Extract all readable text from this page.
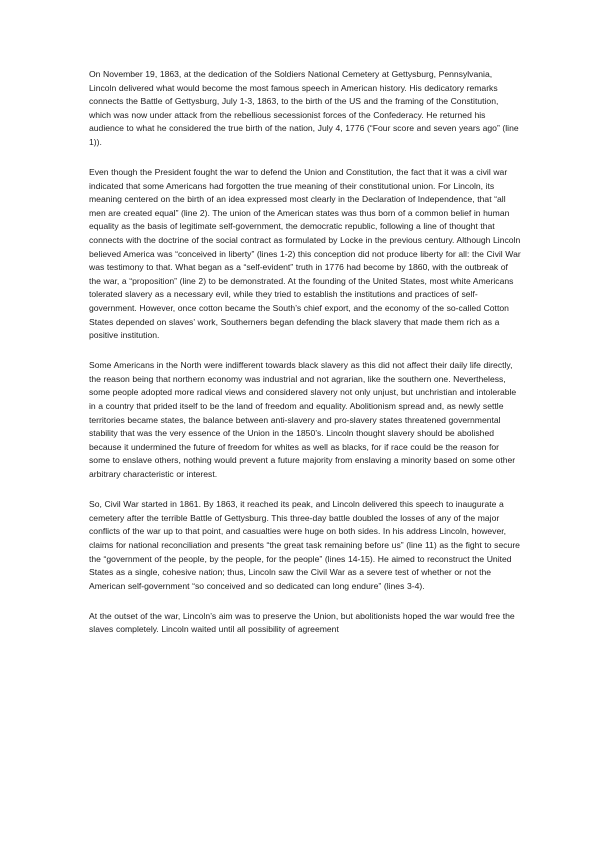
On November 19, 1863, at the dedication of the Soldiers National Cemetery at Gettysburg, Pennsylvania, Lincoln delivered what would become the most famous speech in American history. His dedicatory remarks connects the Battle of Gettysburg, July 1-3, 1863, to the birth of the US and the framing of the Constitution, which was now under attack from the rebellious secessionist forces of the Confederacy. He returned his audience to what he considered the true birth of the nation, July 4, 1776 (“Four score and seven years ago” (line 1)).

Even though the President fought the war to defend the Union and Constitution, the fact that it was a civil war indicated that some Americans had forgotten the true meaning of their constitutional union. For Lincoln, its meaning centered on the birth of an idea expressed most clearly in the Declaration of Independence, that “all men are created equal” (line 2). The union of the American states was thus born of a common belief in human equality as the basis of legitimate self-government, the democratic republic, following a line of thought that connects with the doctrine of the social contract as formulated by Locke in the previous century. Although Lincoln believed America was “conceived in liberty” (lines 1-2) this conception did not produce liberty for all: the Civil War was testimony to that. What began as a “self-evident” truth in 1776 had become by 1860, with the outbreak of the war, a “proposition” (line 2) to be demonstrated. At the founding of the United States, most white Americans tolerated slavery as a necessary evil, while they tried to establish the institutions and practices of self- government. However, once cotton became the South’s chief export, and the economy of the so-called Cotton States depended on slaves’ work, Southerners began defending the black slavery that made them rich as a positive institution.

Some Americans in the North were indifferent towards black slavery as this did not affect their daily life directly, the reason being that northern economy was industrial and not agrarian, like the southern one. Nevertheless, some people adopted more radical views and considered slavery not only unjust, but unchristian and intolerable in a country that prided itself to be the land of freedom and equality. Abolitionism spread and, as newly settle territories became states, the balance between anti-slavery and pro-slavery states threatened governmental stability that was the very essence of the Union in the 1850’s. Lincoln thought slavery should be abolished because it undermined the future of freedom for whites as well as blacks, for if race could be the reason for some to enslave others, nothing would prevent a future majority from enslaving a minority based on some other arbitrary characteristic or interest.

So, Civil War started in 1861. By 1863, it reached its peak, and Lincoln delivered this speech to inaugurate a cemetery after the terrible Battle of Gettysburg. This three-day battle doubled the losses of any of the major conflicts of the war up to that point, and casualties were huge on both sides. In his address Lincoln, however, claims for national reconciliation and presents “the great task remaining before us” (line 11) as the fight to secure the “government of the people, by the people, for the people” (lines 14-15). He aimed to reconstruct the United States as a single, cohesive nation; thus, Lincoln saw the Civil War as a severe test of whether or not the American self-government “so conceived and so dedicated can long endure” (lines 3-4).

At the outset of the war, Lincoln’s aim was to preserve the Union, but abolitionists hoped the war would free the slaves completely. Lincoln waited until all possibility of agreement
